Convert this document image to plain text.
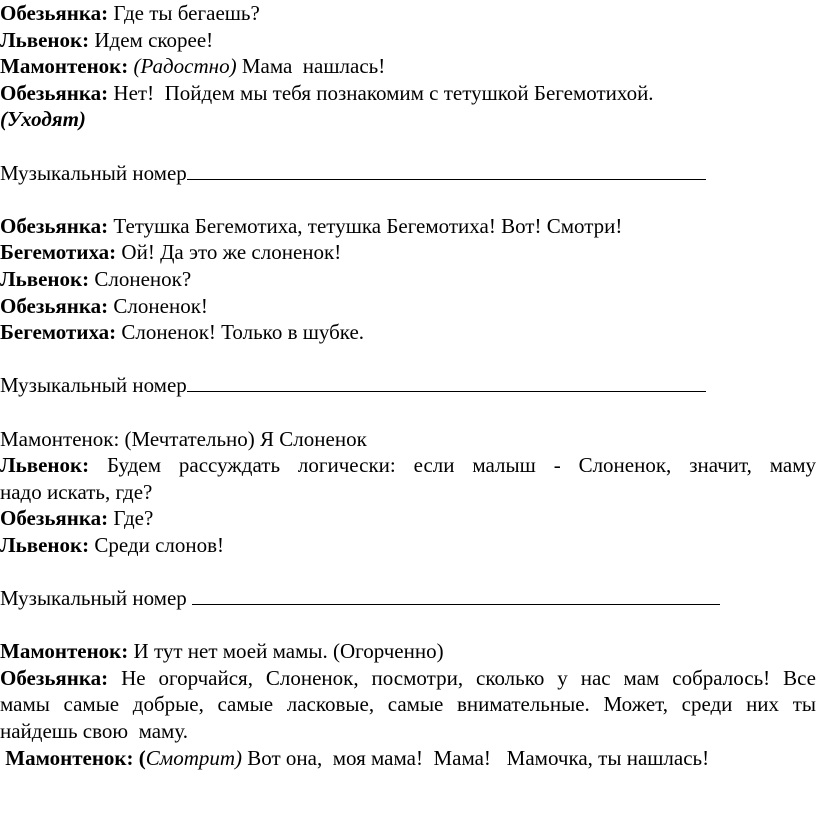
Обезьянка: Где ты бегаешь?
Львенок: Идем скорее!
Мамонтенок: (Радостно) Мама  нашлась!
Обезьянка: Нет!  Пойдем мы тебя познакомим с тетушкой Бегемотихой.
(Уходят)
Музыкальный номер
Обезьянка: Тетушка Бегемотиха, тетушка Бегемотиха! Вот! Смотри!
Бегемотиха: Ой! Да это же слоненок!
Львенок: Слоненок?
Обезьянка: Слоненок!
Бегемотиха: Слоненок! Только в шубке.
Музыкальный номер
Мамонтенок: (Мечтательно) Я Слоненок
Львенок: Будем рассуждать логически: если малыш - Слоненок, значит, маму
надо искать, где?
Обезьянка: Где?
Львенок: Среди слонов!
Музыкальный номер
Мамонтенок: И тут нет моей мамы. (Огорченно)
Обезьянка: Не огорчайся, Слоненок, посмотри, сколько у нас мам собралось! Все
мамы самые добрые, самые ласковые, самые внимательные. Может, среди них ты
найдешь свою  маму.
Мамонтенок: (Смотрит) Вот она,  моя мама!  Мама!   Мамочка, ты нашлась!
